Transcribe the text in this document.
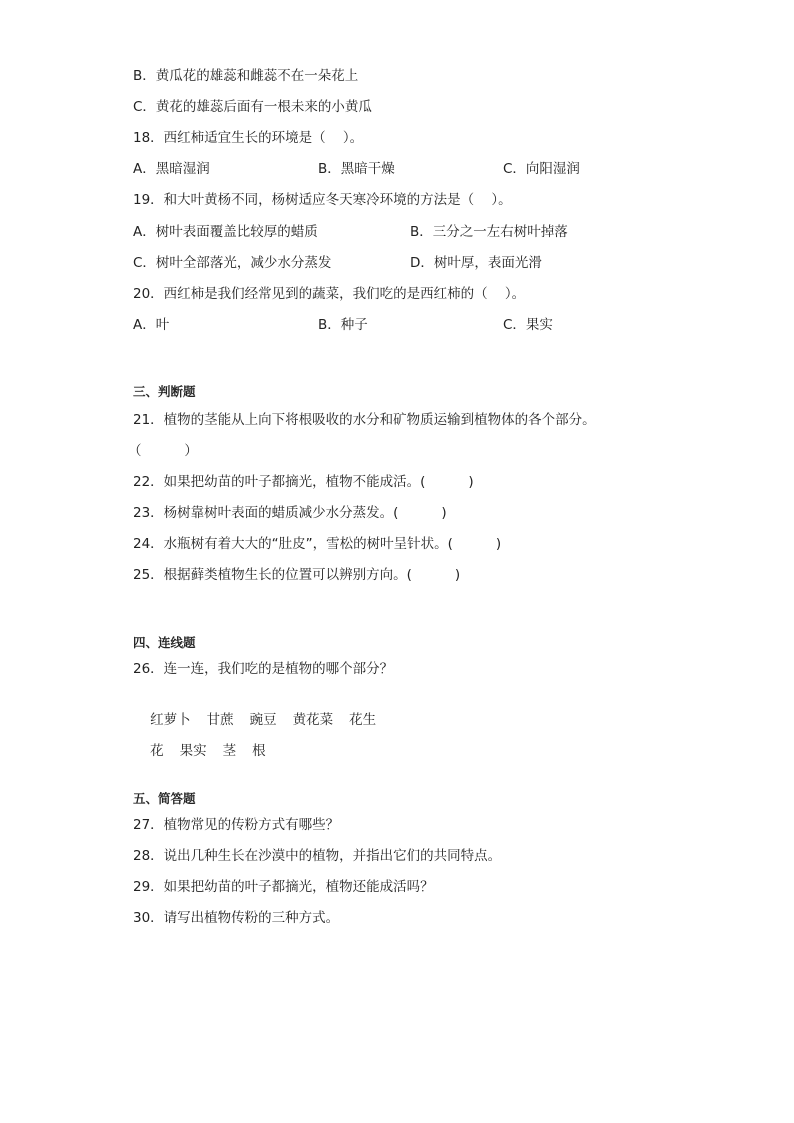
B．黄瓜花的雄蕊和雌蕊不在一朵花上
C．黄花的雄蕊后面有一根未来的小黄瓜
18．西红柿适宜生长的环境是（    ）。
A．黑暗湿润	B．黑暗干燥	C．向阳湿润
19．和大叶黄杨不同，杨树适应冬天寒冷环境的方法是（    ）。
A．树叶表面覆盖比较厚的蜡质	B．三分之一左右树叶掉落
C．树叶全部落光，减少水分蒸发	D．树叶厚，表面光滑
20．西红柿是我们经常见到的蔬菜，我们吃的是西红柿的（    ）。
A．叶	B．种子	C．果实
三、判断题
21．植物的茎能从上向下将根吸收的水分和矿物质运输到植物体的各个部分。
（          ）
22．如果把幼苗的叶子都摘光，植物不能成活。(          )
23．杨树靠树叶表面的蜡质减少水分蒸发。(          )
24．水瓶树有着大大的“肚皮”，雪松的树叶呈针状。(          )
25．根据藓类植物生长的位置可以辨别方向。(          )
四、连线题
26．连一连，我们吃的是植物的哪个部分？

红萝卜 甘蔗 豌豆 黄花菜 花生

花 果实 茎 根

五、简答题
27．植物常见的传粉方式有哪些？
28．说出几种生长在沙漠中的植物，并指出它们的共同特点。
29．如果把幼苗的叶子都摘光，植物还能成活吗？
30．请写出植物传粉的三种方式。
